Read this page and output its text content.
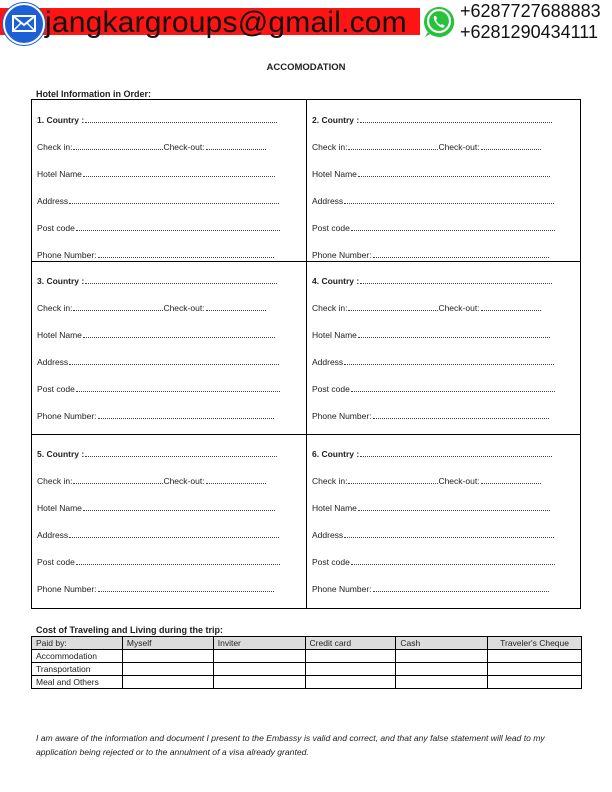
jangkargroups@gmail.com	+6287727688883
+6281290434111
ACCOMODATION
Hotel Information in Order:
1. Country :
Check in:	Check-out:
Hotel Name
Address
Post code
Phone Number:
2. Country :
Check in:	Check-out:
Hotel Name
Address
Post code
Phone Number:
3. Country :
Check in:	Check-out:
Hotel Name
Address
Post code
Phone Number:
4. Country :
Check in:	Check-out:
Hotel Name
Address
Post code
Phone Number:
5. Country :
Check in:	Check-out:
Hotel Name
Address
Post code
Phone Number:
6. Country :
Check in:	Check-out:
Hotel Name
Address
Post code
Phone Number:
Cost of Traveling and Living during the trip:
Paid by:	Myself	Inviter	Credit card	Cash	Traveler's Cheque
Accommodation					
Transportation					
Meal and Others					
I am aware of the information and document I present to the Embassy is valid and correct, and that any false statement will lead to my application being rejected or to the annulment of a visa already granted.
